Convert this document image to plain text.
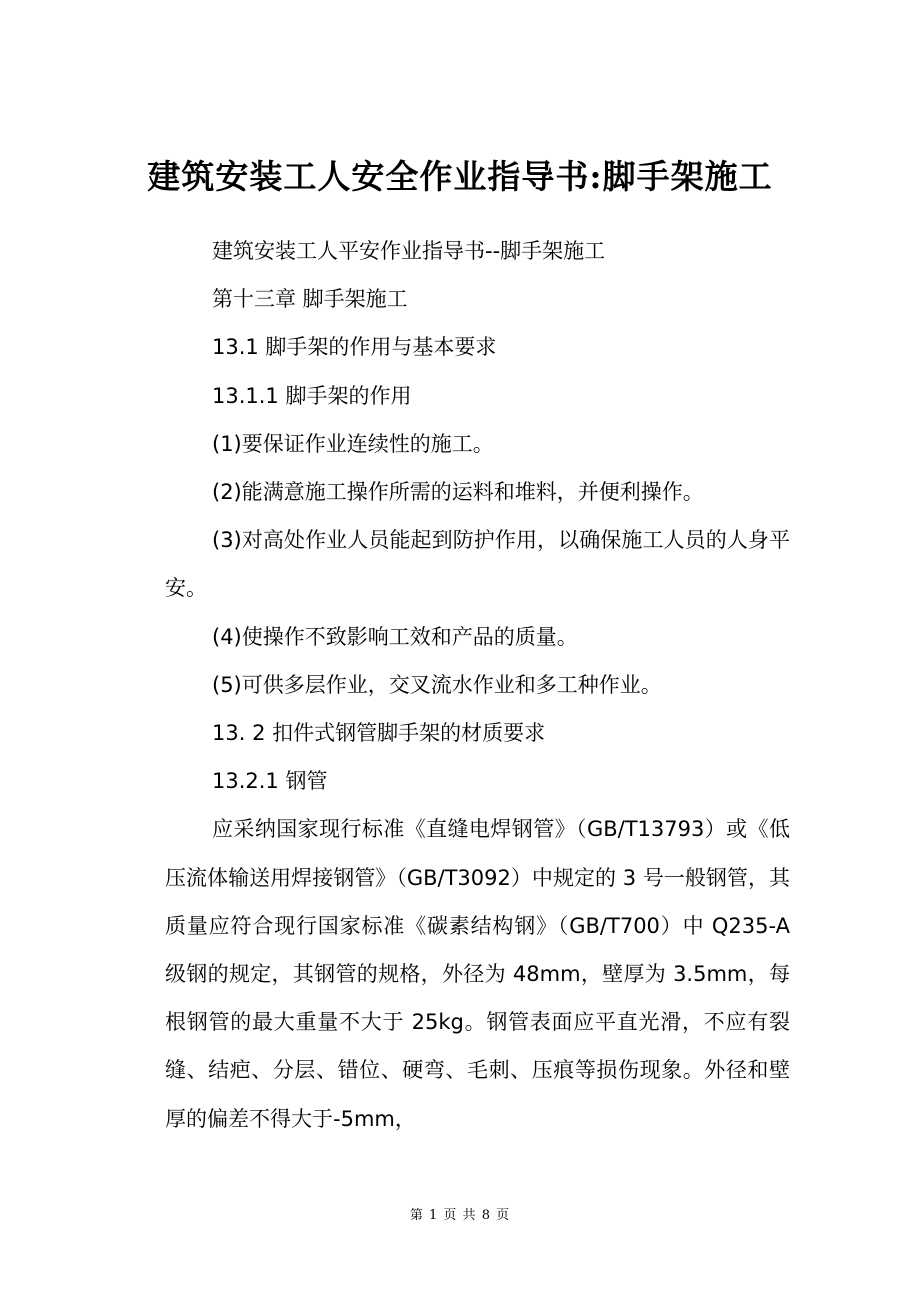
建筑安装工人安全作业指导书:脚手架施工

建筑安装工人平安作业指导书--脚手架施工

第十三章 脚手架施工

13.1 脚手架的作用与基本要求

13.1.1 脚手架的作用

(1)要保证作业连续性的施工。

(2)能满意施工操作所需的运料和堆料，并便利操作。

(3)对高处作业人员能起到防护作用，以确保施工人员的人身平安。

(4)使操作不致影响工效和产品的质量。

(5)可供多层作业，交叉流水作业和多工种作业。

13. 2 扣件式钢管脚手架的材质要求

13.2.1 钢管

应采纳国家现行标准《直缝电焊钢管》（GB/T13793）或《低压流体输送用焊接钢管》（GB/T3092）中规定的 3 号一般钢管，其质量应符合现行国家标准《碳素结构钢》（GB/T700）中 Q235-A 级钢的规定，其钢管的规格，外径为 48mm，壁厚为 3.5mm，每根钢管的最大重量不大于 25kg。钢管表面应平直光滑，不应有裂缝、结疤、分层、错位、硬弯、毛刺、压痕等损伤现象。外径和壁厚的偏差不得大于-5mm，

第 1 页 共 8 页
